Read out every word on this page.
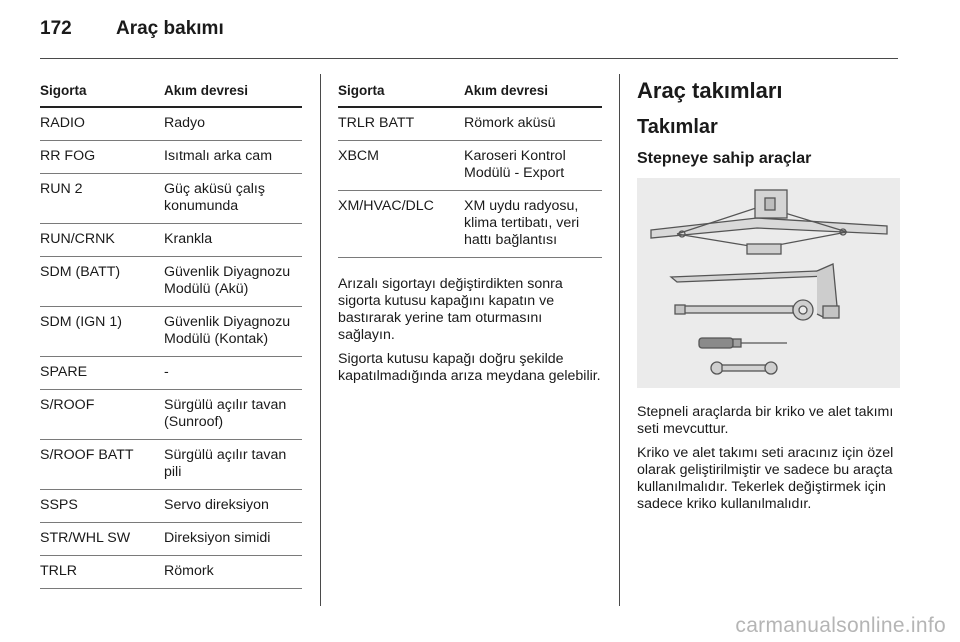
172 Araç bakımı
Sigorta	Akım devresi
RADIO	Radyo
RR FOG	Isıtmalı arka cam
RUN 2	Güç aküsü çalış konumunda
RUN/CRNK	Krankla
SDM (BATT)	Güvenlik Diyagnozu Modülü (Akü)
SDM (IGN 1)	Güvenlik Diyagnozu Modülü (Kontak)
SPARE	-
S/ROOF	Sürgülü açılır tavan (Sunroof)
S/ROOF BATT	Sürgülü açılır tavan pili
SSPS	Servo direksiyon
STR/WHL SW	Direksiyon simidi
TRLR	Römork
Sigorta	Akım devresi
TRLR BATT	Römork aküsü
XBCM	Karoseri Kontrol Modülü - Export
XM/HVAC/DLC	XM uydu radyosu, klima tertibatı, veri hattı bağlantısı

Arızalı sigortayı değiştirdikten sonra sigorta kutusu kapağını kapatın ve bastırarak yerine tam oturmasını sağlayın.

Sigorta kutusu kapağı doğru şekilde kapatılmadığında arıza meydana gelebilir.

Araç takımları
Takımlar
Stepneye sahip araçlar

Stepneli araçlarda bir kriko ve alet takımı seti mevcuttur.

Kriko ve alet takımı seti aracınız için özel olarak geliştirilmiştir ve sadece bu araçta kullanılmalıdır. Tekerlek değiştirmek için sadece kriko kullanılmalıdır.

carmanualsonline.info
